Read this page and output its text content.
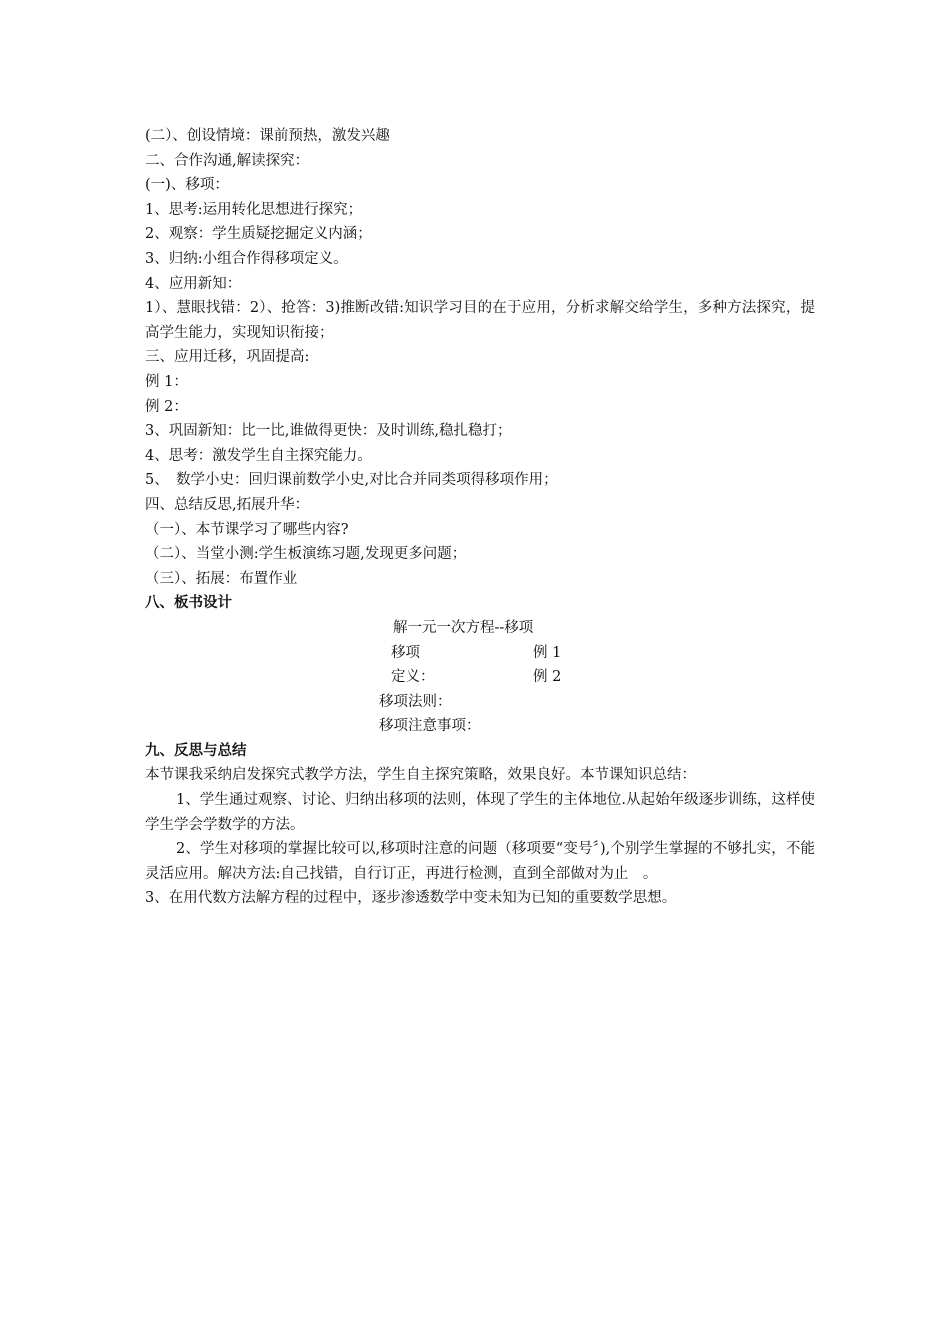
(二）、创设情境：课前预热，激发兴趣

二、合作沟通,解读探究：

(一)、移项：

1、思考:运用转化思想进行探究；

2、观察：学生质疑挖掘定义内涵；

3、归纳:小组合作得移项定义。

4、应用新知：

1）、慧眼找错：2）、抢答：3)推断改错:知识学习目的在于应用，分析求解交给学生，多种方法探究，提高学生能力，实现知识衔接；

三、应用迁移，巩固提高:

例 1：

例 2：

3、巩固新知：比一比,谁做得更快：及时训练,稳扎稳打；

4、思考：激发学生自主探究能力。

5、　数学小史：回归课前数学小史,对比合并同类项得移项作用；

四、总结反思,拓展升华：

（一）、本节课学习了哪些内容?

（二）、当堂小测:学生板演练习题,发现更多问题；

（三）、拓展：布置作业

八、板书设计

解一元一次方程--移项
移项	例 1
定义：	例 2
移项法则：
移项注意事项：

九、反思与总结

本节课我采纳启发探究式教学方法，学生自主探究策略，效果良好。本节课知识总结：

1、学生通过观察、讨论、归纳出移项的法则，体现了学生的主体地位.从起始年级逐步训练，这样使学生学会学数学的方法。

2、学生对移项的掌握比较可以,移项时注意的问题（移项要“变号〞),个别学生掌握的不够扎实，不能灵活应用。解决方法:自己找错，自行订正，再进行检测，直到全部做对为止　。

3、在用代数方法解方程的过程中，逐步渗透数学中变未知为已知的重要数学思想。
